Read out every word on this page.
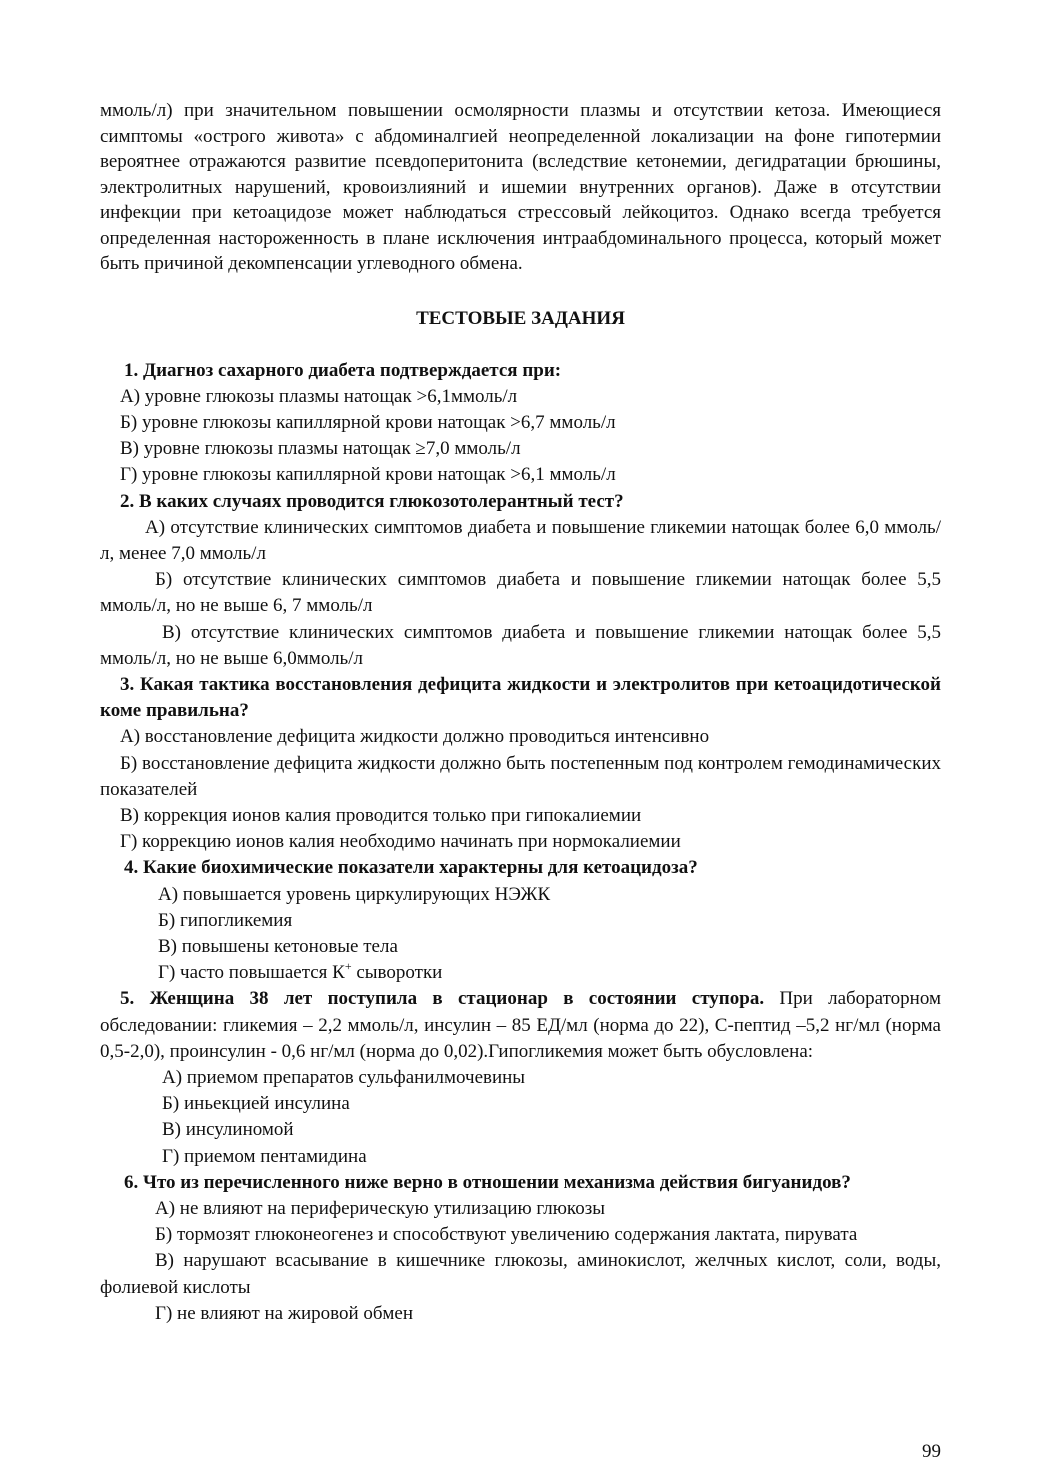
ммоль/л) при значительном повышении осмолярности плазмы и отсутствии кетоза. Имеющиеся симптомы «острого живота» с абдоминалгией неопределенной локализации на фоне гипотермии вероятнее отражаются развитие псевдоперитонита (вследствие кетонемии, дегидратации брюшины, электролитных нарушений, кровоизлияний и ишемии внутренних органов). Даже в отсутствии инфекции при кетоацидозе может наблюдаться стрессовый лейкоцитоз. Однако всегда требуется определенная настороженность в плане исключения интраабдоминального процесса, который может быть причиной декомпенсации углеводного обмена.

ТЕСТОВЫЕ ЗАДАНИЯ

1. Диагноз сахарного диабета подтверждается при:

А) уровне глюкозы плазмы натощак >6,1ммоль/л

Б) уровне глюкозы капиллярной крови натощак >6,7 ммоль/л

В) уровне глюкозы плазмы натощак ≥7,0 ммоль/л

Г) уровне глюкозы капиллярной крови натощак >6,1 ммоль/л

2. В каких случаях проводится глюкозотолерантный тест?

А) отсутствие клинических симптомов диабета и повышение гликемии натощак более 6,0 ммоль/л, менее 7,0 ммоль/л

Б) отсутствие клинических симптомов диабета и повышение гликемии натощак более 5,5 ммоль/л, но не выше 6, 7 ммоль/л

В) отсутствие клинических симптомов диабета и повышение гликемии натощак более 5,5 ммоль/л, но не выше 6,0ммоль/л

3. Какая тактика восстановления дефицита жидкости и электролитов при кетоацидотической коме правильна?

А) восстановление дефицита жидкости должно проводиться интенсивно

Б) восстановление дефицита жидкости должно быть постепенным под контролем гемодинамических показателей

В) коррекция ионов калия проводится только при гипокалиемии

Г) коррекцию ионов калия необходимо начинать при нормокалиемии

4. Какие биохимические показатели характерны для кетоацидоза?

А) повышается уровень циркулирующих НЭЖК

Б) гипогликемия

В) повышены кетоновые тела

Г) часто повышается К+ сыворотки

5. Женщина 38 лет поступила в стационар в состоянии ступора. При лабораторном обследовании: гликемия – 2,2 ммоль/л, инсулин – 85 ЕД/мл (норма до 22), С-пептид –5,2 нг/мл (норма 0,5-2,0), проинсулин - 0,6 нг/мл (норма до 0,02).Гипогликемия может быть обусловлена:

А) приемом препаратов сульфанилмочевины

Б) иньекцией инсулина

В) инсулиномой

Г) приемом пентамидина

6. Что из перечисленного ниже верно в отношении механизма действия бигуанидов?

А) не влияют на периферическую утилизацию глюкозы

Б) тормозят глюконеогенез и способствуют увеличению содержания лактата, пирувата

В) нарушают всасывание в кишечнике глюкозы, аминокислот, желчных кислот, соли, воды, фолиевой кислоты

Г) не влияют на жировой обмен

99
